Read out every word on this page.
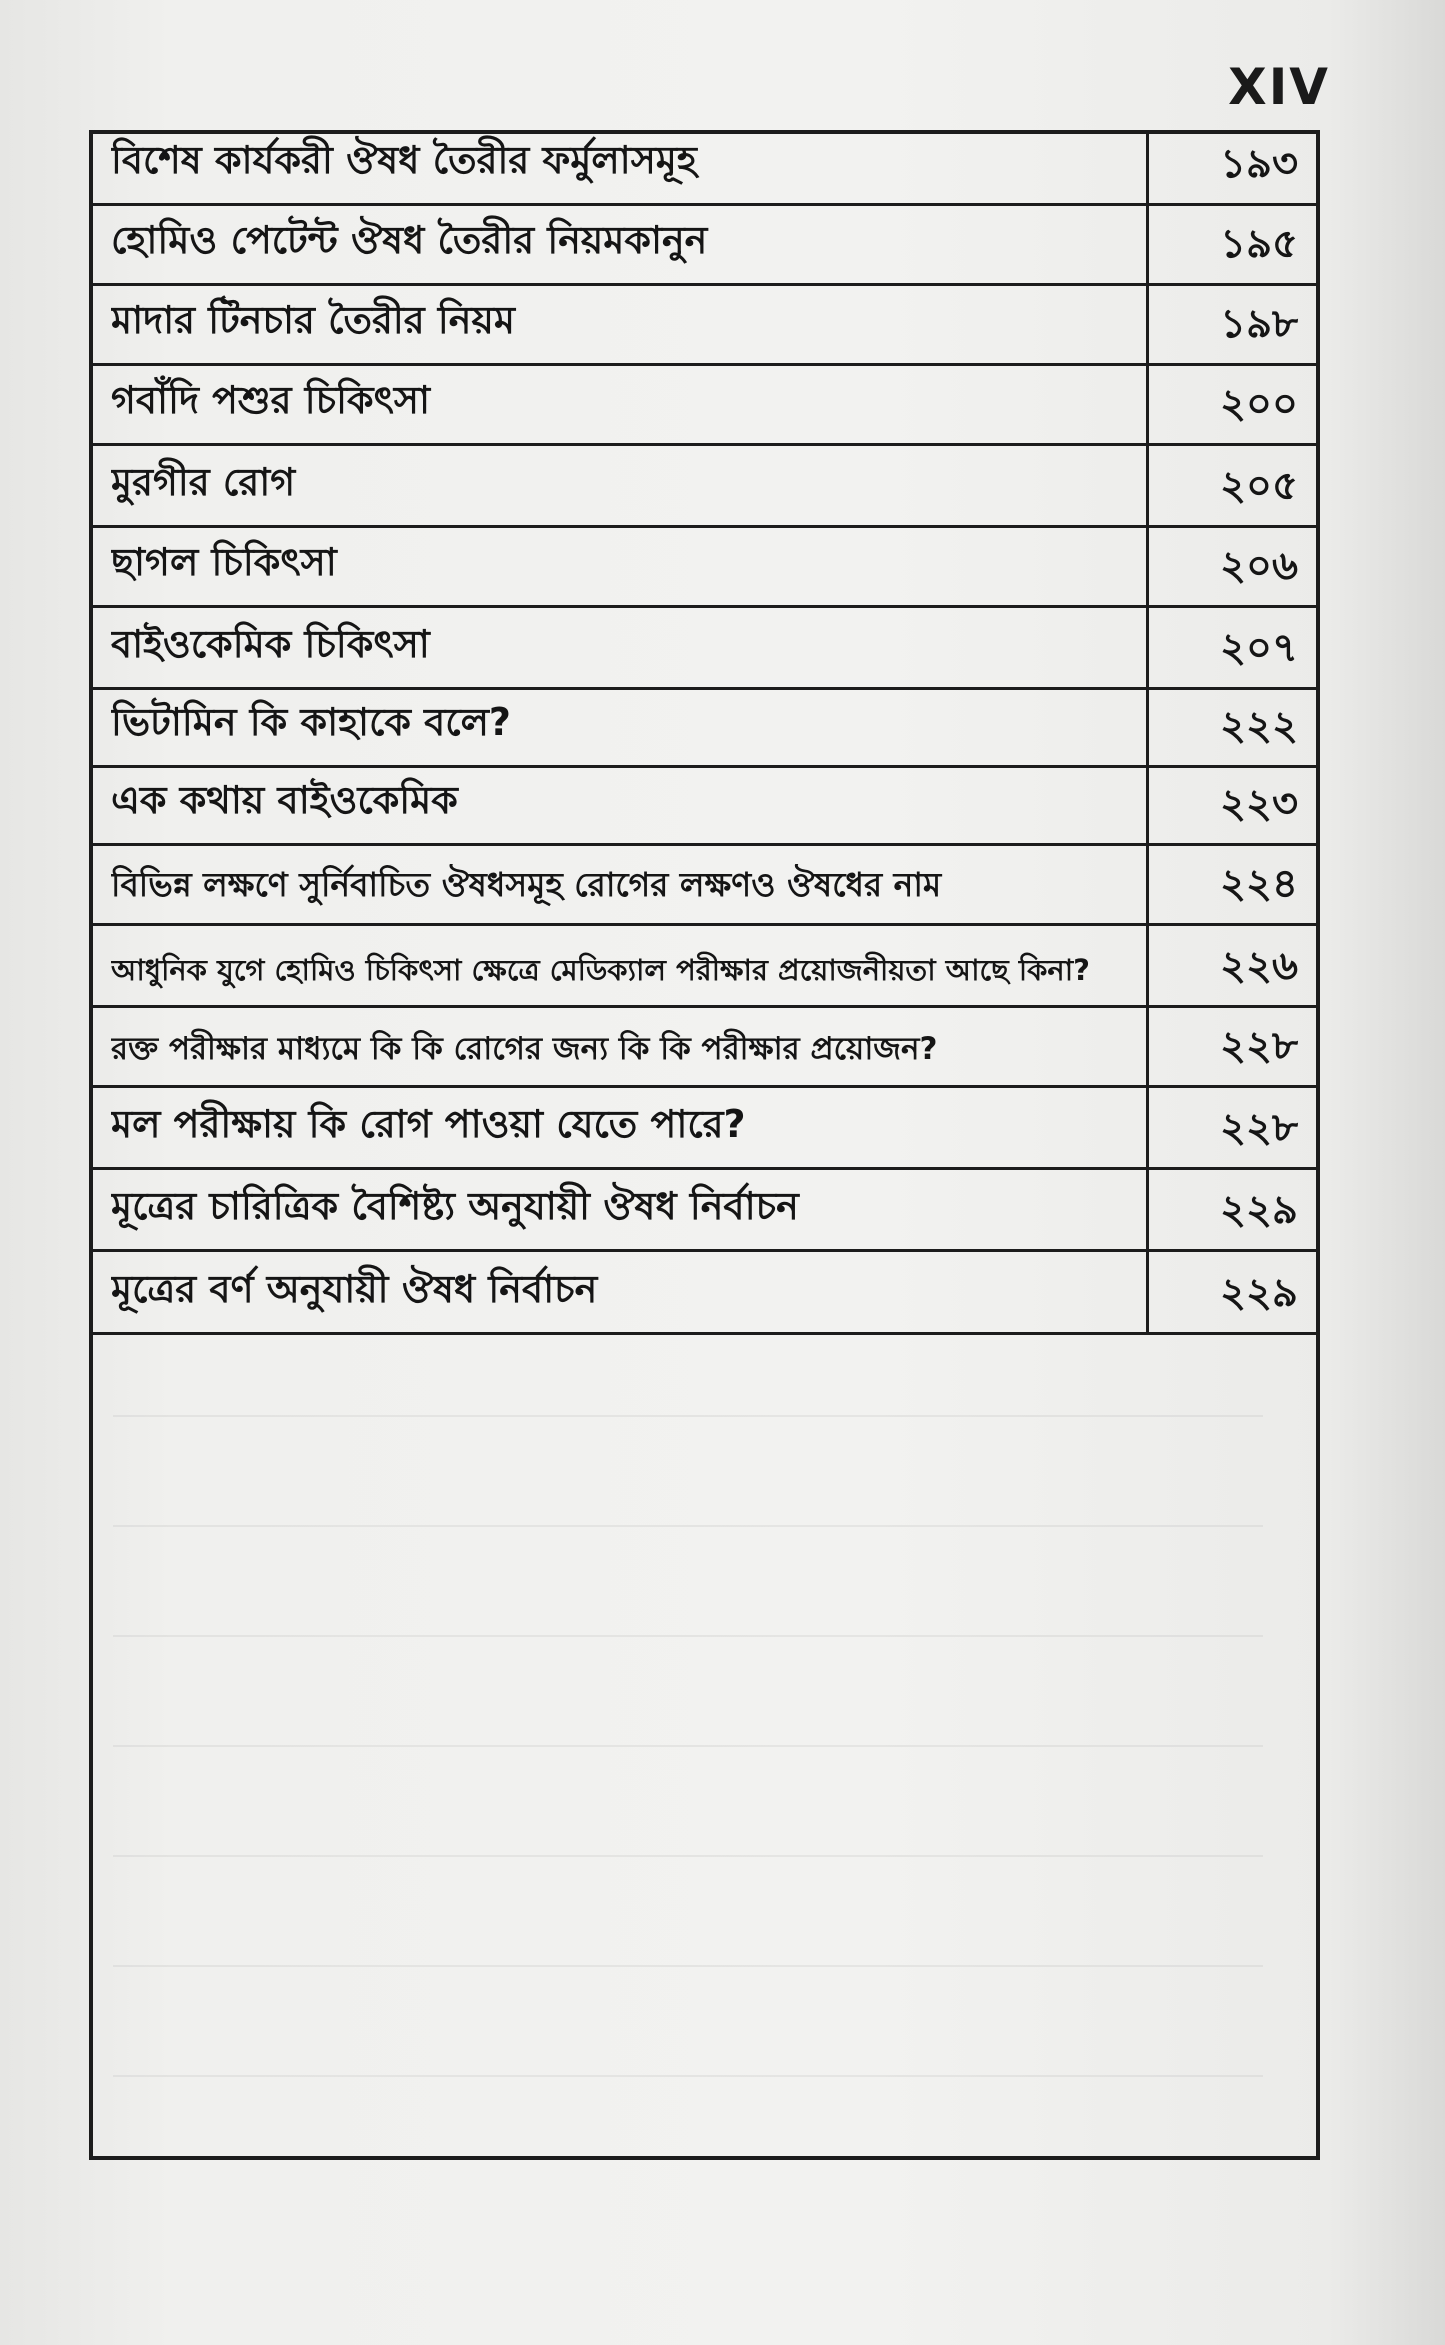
XIV
বিশেষ কার্যকরী ঔষধ তৈরীর ফর্মুলাসমূহ	১৯৩
হোমিও পেটেন্ট ঔষধ তৈরীর নিয়মকানুন	১৯৫
মাদার টিনচার তৈরীর নিয়ম	১৯৮
গবাঁদি পশুর চিকিৎসা	২০০
মুরগীর রোগ	২০৫
ছাগল চিকিৎসা	২০৬
বাইওকেমিক চিকিৎসা	২০৭
ভিটামিন কি কাহাকে বলে?	২২২
এক কথায় বাইওকেমিক	২২৩
বিভিন্ন লক্ষণে সুর্নিবাচিত ঔষধসমূহ রোগের লক্ষণও ঔষধের নাম	২২৪
আধুনিক যুগে হোমিও চিকিৎসা ক্ষেত্রে মেডিক্যাল পরীক্ষার প্রয়োজনীয়তা আছে কিনা?	২২৬
রক্ত পরীক্ষার মাধ্যমে কি কি রোগের জন্য কি কি পরীক্ষার প্রয়োজন?	২২৮
মল পরীক্ষায় কি রোগ পাওয়া যেতে পারে?	২২৮
মূত্রের চারিত্রিক বৈশিষ্ট্য অনুযায়ী ঔষধ নির্বাচন	২২৯
মূত্রের বর্ণ অনুযায়ী ঔষধ নির্বাচন	২২৯
